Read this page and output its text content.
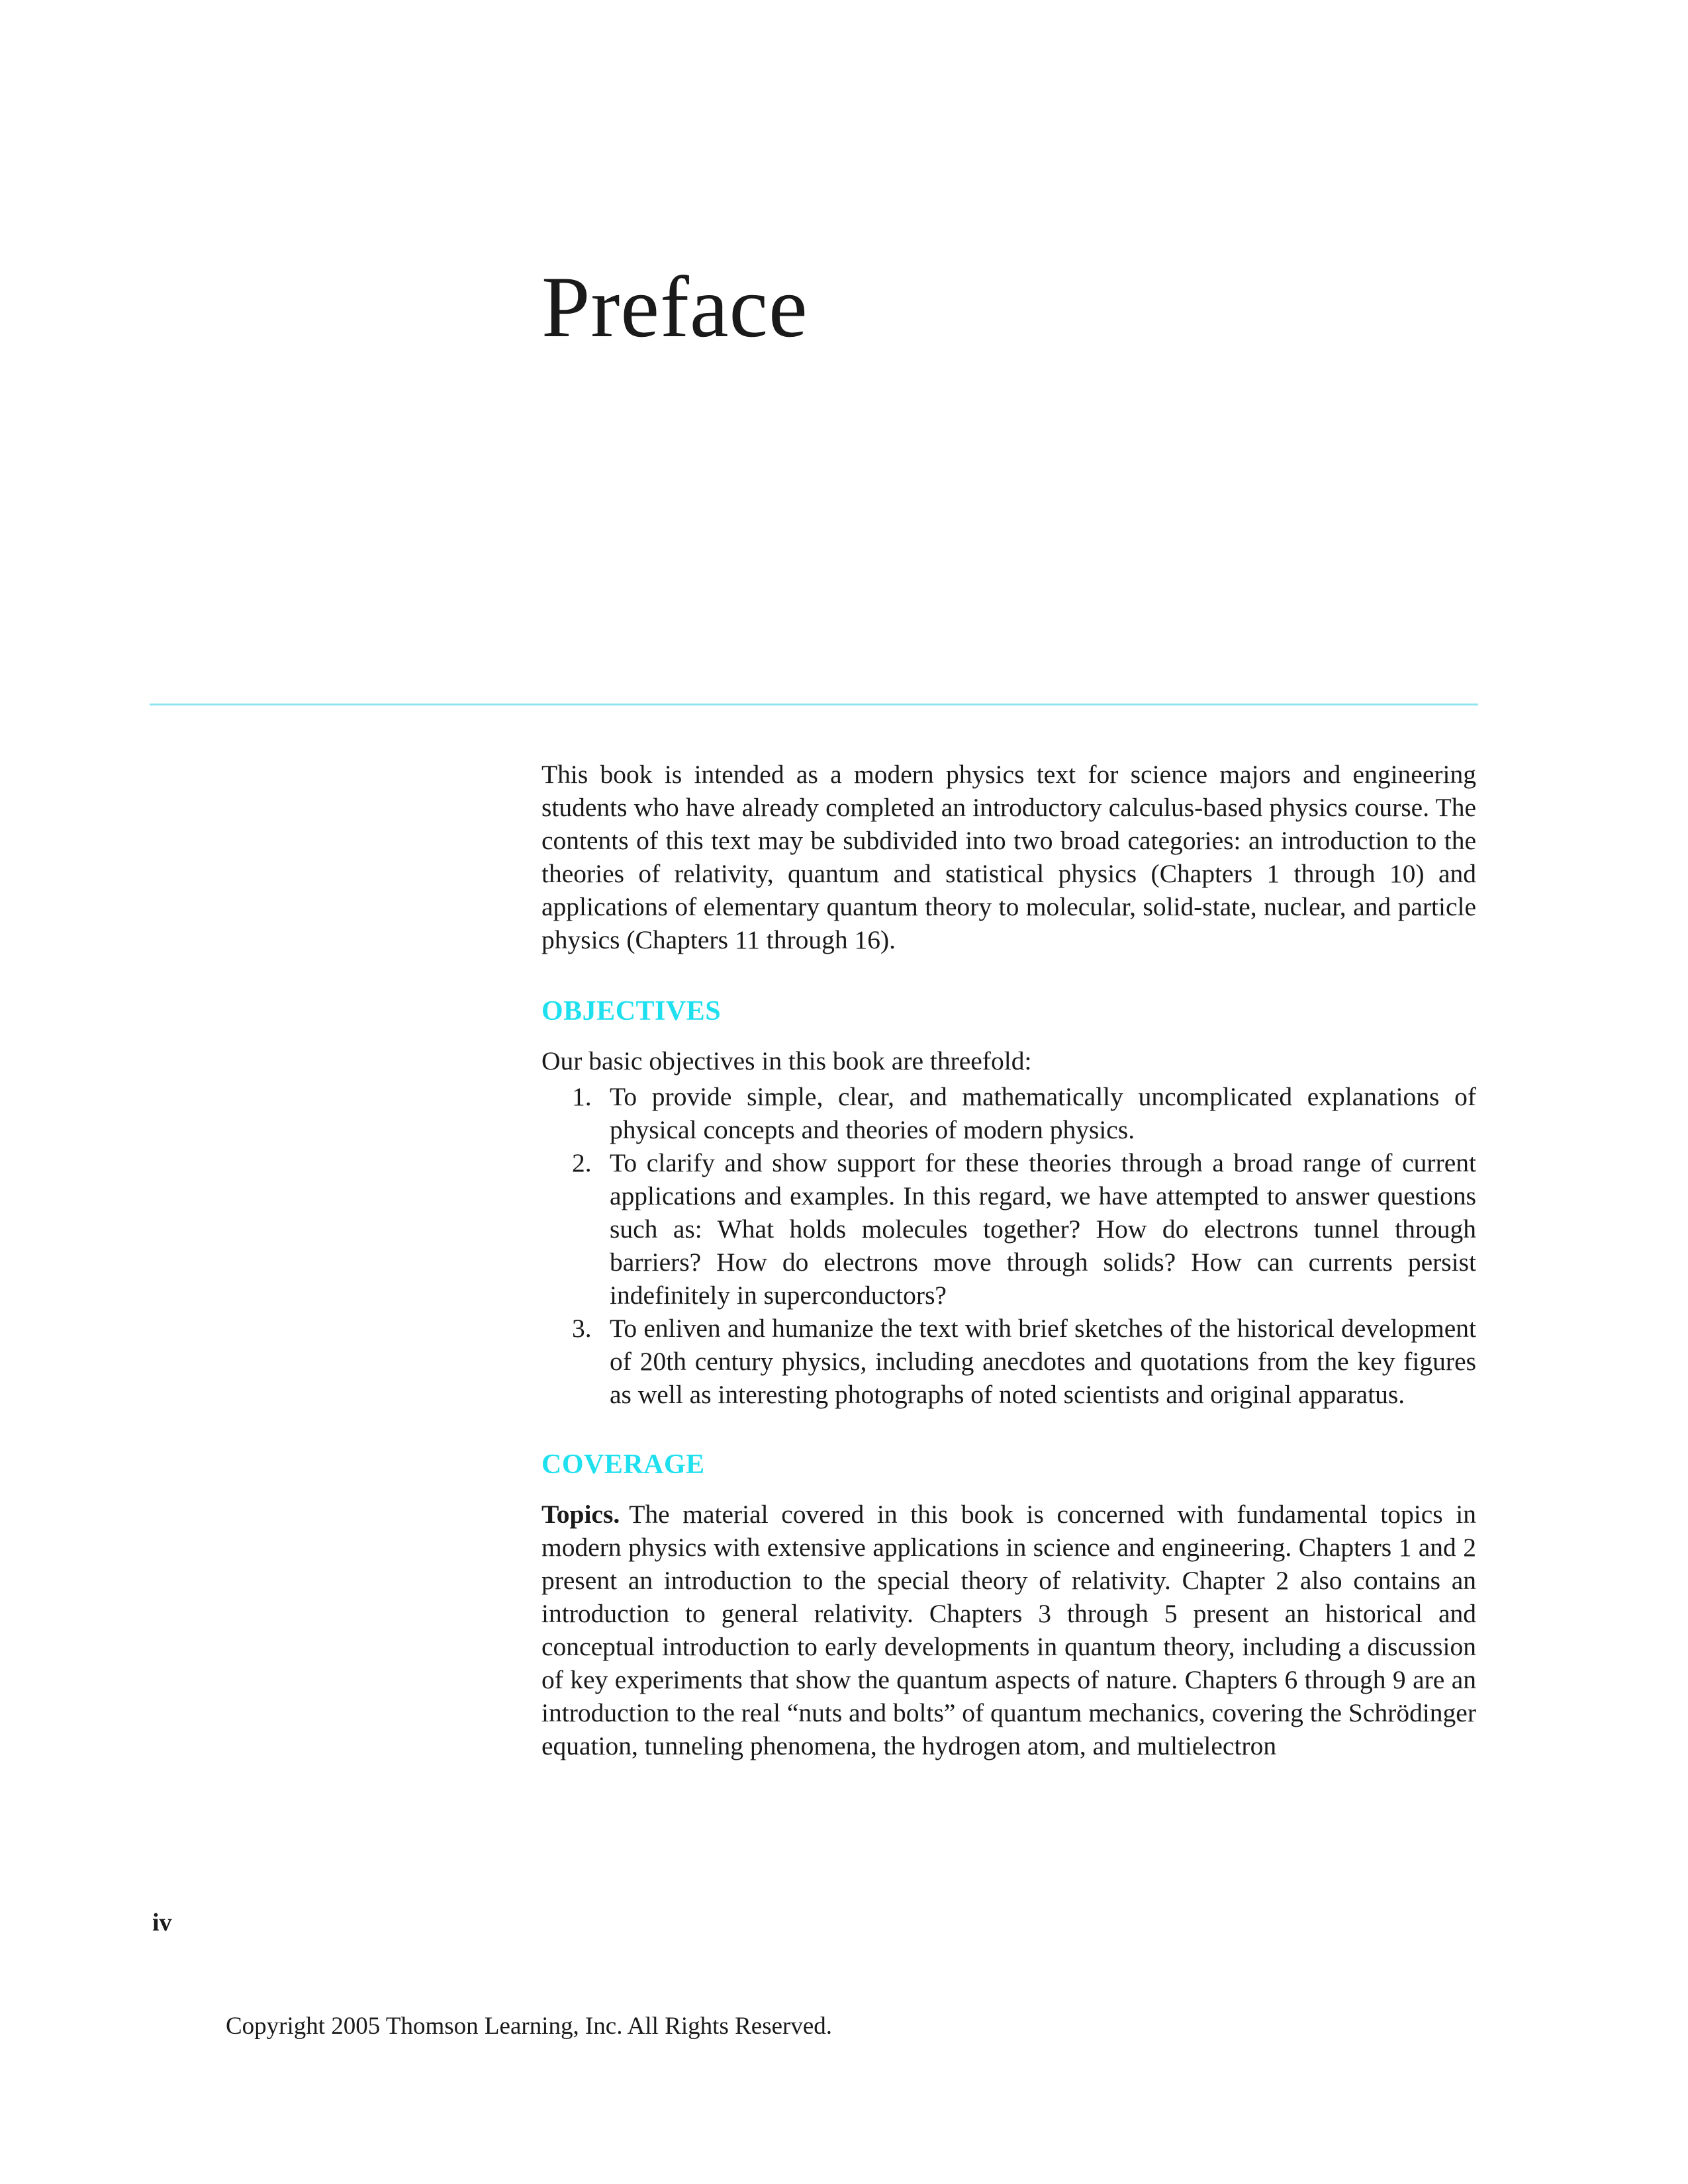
Preface

This book is intended as a modern physics text for science majors and engineering students who have already completed an introductory calculus-based physics course. The contents of this text may be subdivided into two broad categories: an introduction to the theories of relativity, quantum and statistical physics (Chapters 1 through 10) and applications of elementary quantum theory to molecular, solid-state, nuclear, and particle physics (Chapters 11 through 16).

OBJECTIVES

Our basic objectives in this book are threefold:

1. To provide simple, clear, and mathematically uncomplicated explanations of physical concepts and theories of modern physics.
2. To clarify and show support for these theories through a broad range of current applications and examples. In this regard, we have attempted to answer questions such as: What holds molecules together? How do electrons tunnel through barriers? How do electrons move through solids? How can currents persist indefinitely in superconductors?
3. To enliven and humanize the text with brief sketches of the historical development of 20th century physics, including anecdotes and quotations from the key figures as well as interesting photographs of noted scientists and original apparatus.
COVERAGE

Topics. The material covered in this book is concerned with fundamental topics in modern physics with extensive applications in science and engineering. Chapters 1 and 2 present an introduction to the special theory of relativity. Chapter 2 also contains an introduction to general relativity. Chapters 3 through 5 present an historical and conceptual introduction to early developments in quantum theory, including a discussion of key experiments that show the quantum aspects of nature. Chapters 6 through 9 are an introduction to the real “nuts and bolts” of quantum mechanics, covering the Schrödinger equation, tunneling phenomena, the hydrogen atom, and multielectron

iv
Copyright 2005 Thomson Learning, Inc. All Rights Reserved.
